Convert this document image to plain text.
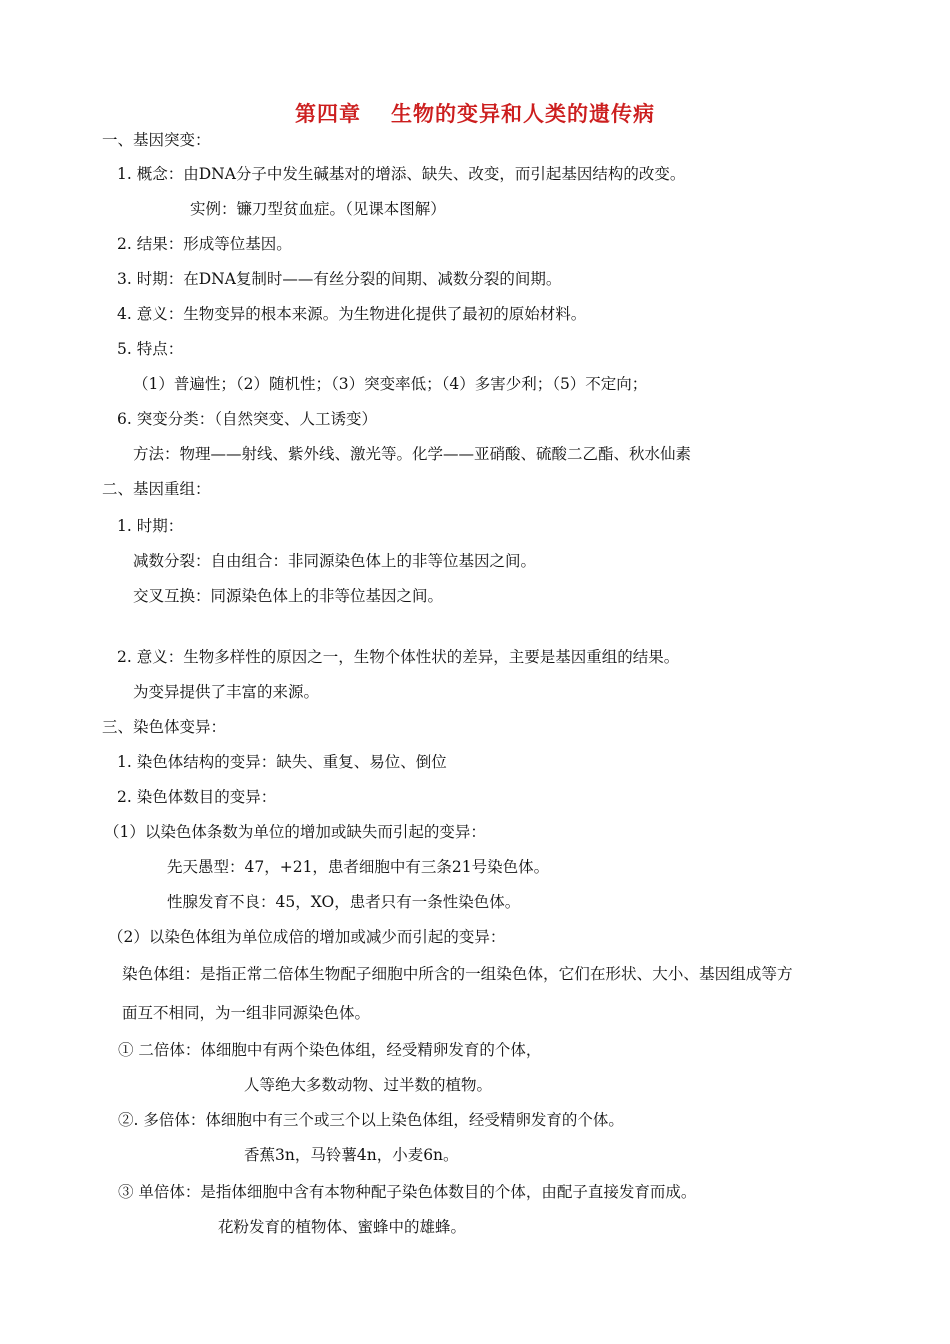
第四章 生物的变异和人类的遗传病
一、基因突变：
1. 概念：由DNA分子中发生碱基对的增添、缺失、改变，而引起基因结构的改变。
实例：镰刀型贫血症。（见课本图解）
2. 结果：形成等位基因。
3. 时期：在DNA复制时——有丝分裂的间期、减数分裂的间期。
4. 意义：生物变异的根本来源。为生物进化提供了最初的原始材料。
5. 特点：
（1）普遍性；（2）随机性；（3）突变率低；（4）多害少利；（5）不定向；
6. 突变分类：（自然突变、人工诱变）
方法：物理——射线、紫外线、激光等。化学——亚硝酸、硫酸二乙酯、秋水仙素
二、基因重组：
1. 时期：
减数分裂：自由组合：非同源染色体上的非等位基因之间。
交叉互换：同源染色体上的非等位基因之间。
2. 意义：生物多样性的原因之一，生物个体性状的差异，主要是基因重组的结果。
为变异提供了丰富的来源。
三、染色体变异：
1. 染色体结构的变异：缺失、重复、易位、倒位
2. 染色体数目的变异：
（1）以染色体条数为单位的增加或缺失而引起的变异：
先天愚型：47，+21，患者细胞中有三条21号染色体。
性腺发育不良：45，XO，患者只有一条性染色体。
（2）以染色体组为单位成倍的增加或减少而引起的变异：
染色体组：是指正常二倍体生物配子细胞中所含的一组染色体，它们在形状、大小、基因组成等方
面互不相同，为一组非同源染色体。
① 二倍体：体细胞中有两个染色体组，经受精卵发育的个体，
人等绝大多数动物、过半数的植物。
②. 多倍体：体细胞中有三个或三个以上染色体组，经受精卵发育的个体。
香蕉3n，马铃薯4n，小麦6n。
③ 单倍体：是指体细胞中含有本物种配子染色体数目的个体，由配子直接发育而成。
花粉发育的植物体、蜜蜂中的雄蜂。
